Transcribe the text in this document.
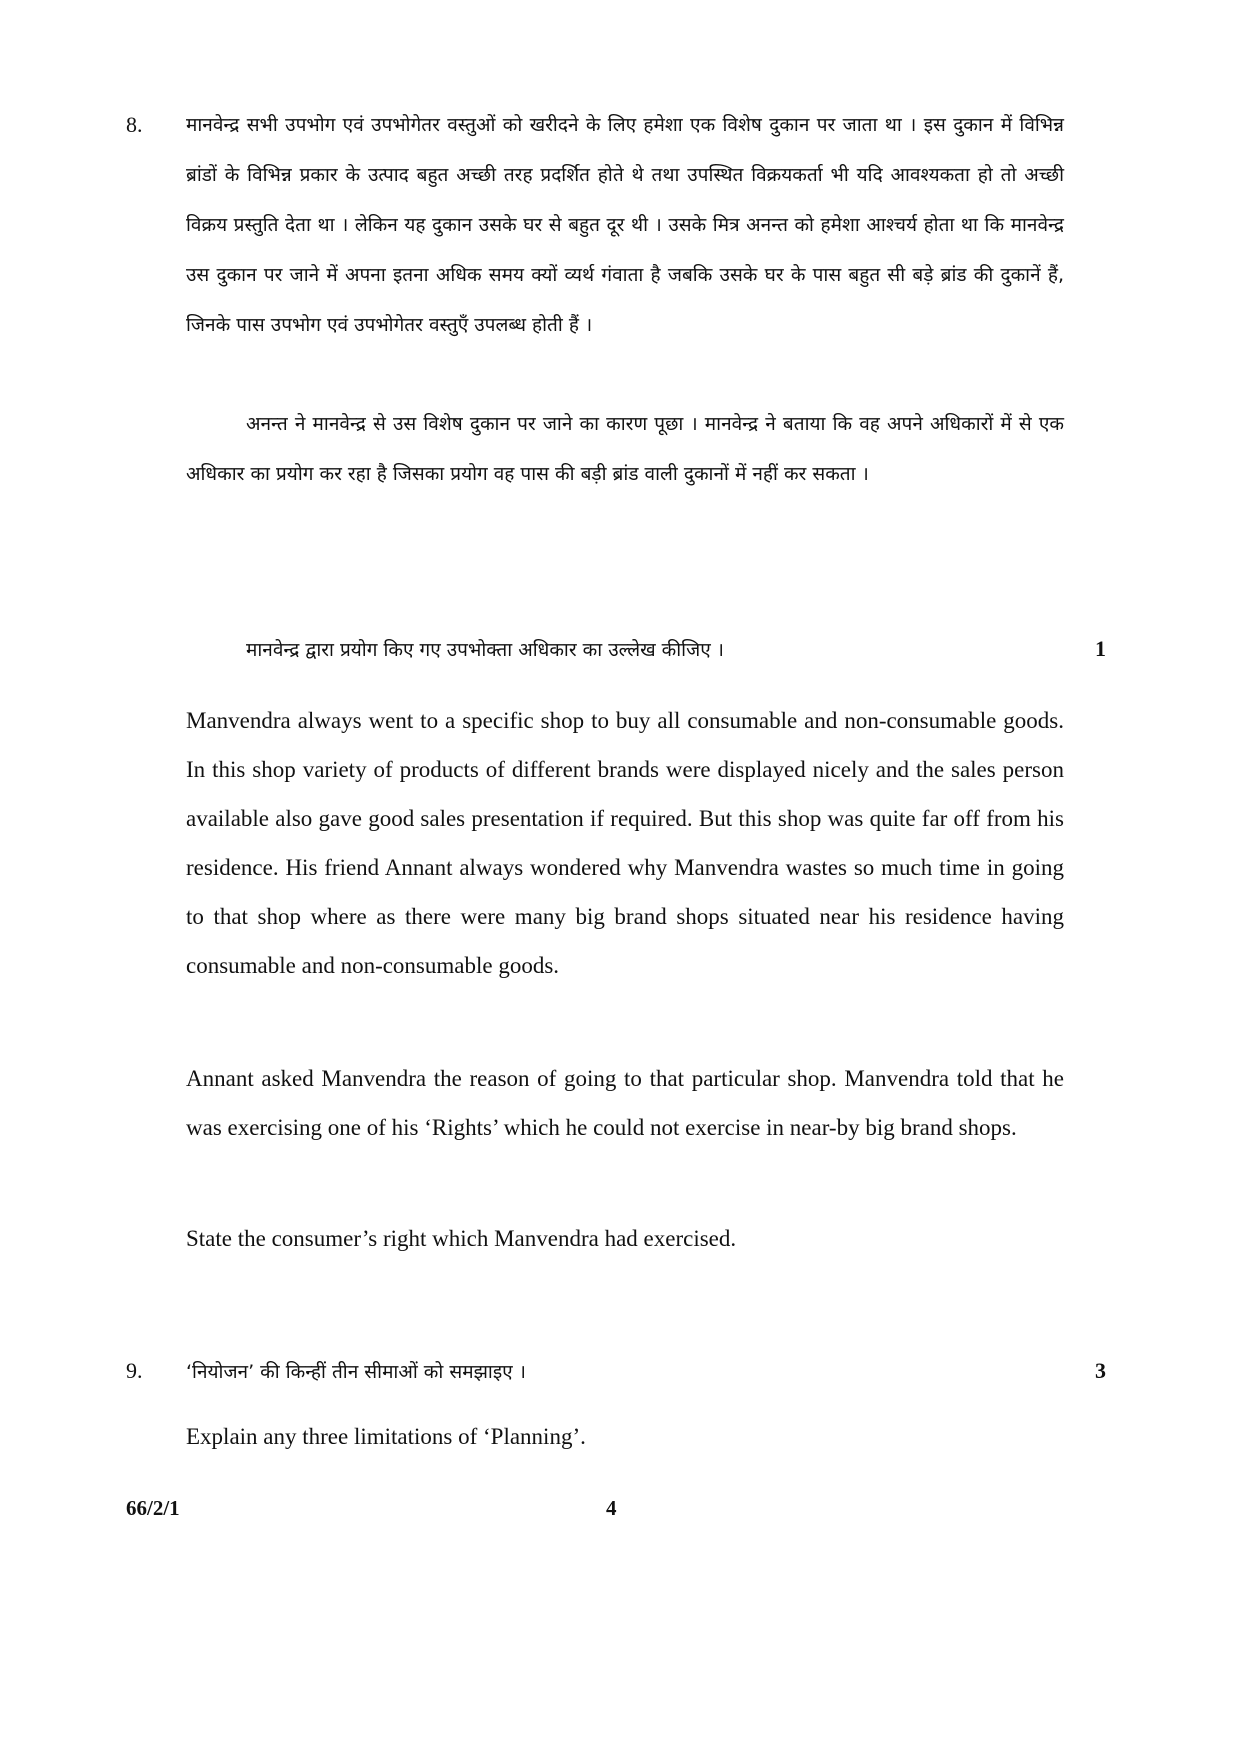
8. मानवेन्द्र सभी उपभोग एवं उपभोगेतर वस्तुओं को खरीदने के लिए हमेशा एक विशेष दुकान पर जाता था । इस दुकान में विभिन्न ब्रांडों के विभिन्न प्रकार के उत्पाद बहुत अच्छी तरह प्रदर्शित होते थे तथा उपस्थित विक्रयकर्ता भी यदि आवश्यकता हो तो अच्छी विक्रय प्रस्तुति देता था । लेकिन यह दुकान उसके घर से बहुत दूर थी । उसके मित्र अनन्त को हमेशा आश्चर्य होता था कि मानवेन्द्र उस दुकान पर जाने में अपना इतना अधिक समय क्यों व्यर्थ गंवाता है जबकि उसके घर के पास बहुत सी बड़े ब्रांड की दुकानें हैं, जिनके पास उपभोग एवं उपभोगेतर वस्तुएँ उपलब्ध होती हैं ।

अनन्त ने मानवेन्द्र से उस विशेष दुकान पर जाने का कारण पूछा । मानवेन्द्र ने बताया कि वह अपने अधिकारों में से एक अधिकार का प्रयोग कर रहा है जिसका प्रयोग वह पास की बड़ी ब्रांड वाली दुकानों में नहीं कर सकता ।

मानवेन्द्र द्वारा प्रयोग किए गए उपभोक्ता अधिकार का उल्लेख कीजिए ।	1

Manvendra always went to a specific shop to buy all consumable and non-consumable goods. In this shop variety of products of different brands were displayed nicely and the sales person available also gave good sales presentation if required. But this shop was quite far off from his residence. His friend Annant always wondered why Manvendra wastes so much time in going to that shop where as there were many big brand shops situated near his residence having consumable and non-consumable goods.

Annant asked Manvendra the reason of going to that particular shop. Manvendra told that he was exercising one of his ‘Rights’ which he could not exercise in near-by big brand shops.

State the consumer’s right which Manvendra had exercised.
9. ‘नियोजन’ की किन्हीं तीन सीमाओं को समझाइए ।	3
Explain any three limitations of ‘Planning’.
66/2/1	4
